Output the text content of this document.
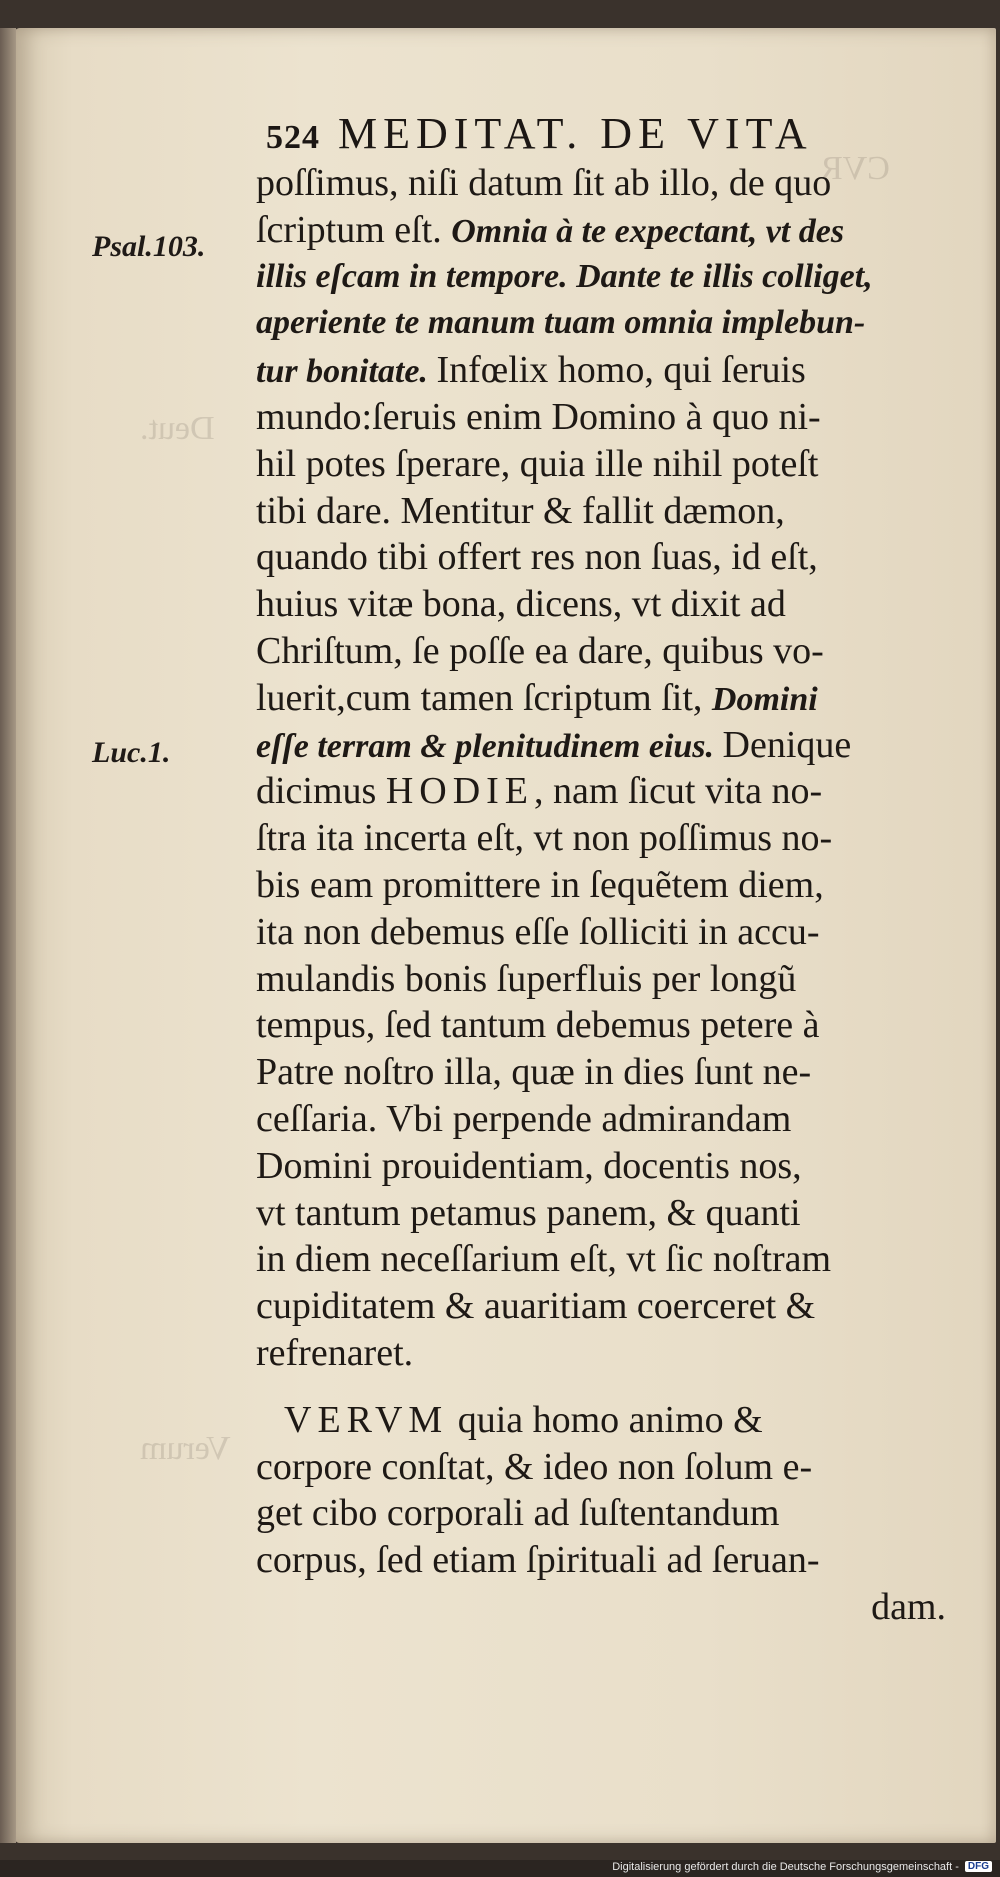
CVR
Deut.
Verum
524 MEDITAT. DE VITA
Psal.103.
Luc.1.
poſſimus, niſi datum ſit ab illo, de quo
ſcriptum eſt. Omnia à te expectant, vt des
illis eſcam in tempore. Dante te illis colliget,
aperiente te manum tuam omnia implebun-
tur bonitate. Infœlix homo, qui ſeruis
mundo:ſeruis enim Domino à quo ni-
hil potes ſperare, quia ille nihil poteſt
tibi dare. Mentitur & fallit dæmon,
quando tibi offert res non ſuas, id eſt,
huius vitæ bona, dicens, vt dixit ad
Chriſtum, ſe poſſe ea dare, quibus vo-
luerit,cum tamen ſcriptum ſit, Domini
eſſe terram & plenitudinem eius. Denique
dicimus HODIE, nam ſicut vita no-
ſtra ita incerta eſt, vt non poſſimus no-
bis eam promittere in ſequẽtem diem,
ita non debemus eſſe ſolliciti in accu-
mulandis bonis ſuperfluis per longũ
tempus, ſed tantum debemus petere à
Patre noſtro illa, quæ in dies ſunt ne-
ceſſaria. Vbi perpende admirandam
Domini prouidentiam, docentis nos,
vt tantum petamus panem, & quanti
in diem neceſſarium eſt, vt ſic noſtram
cupiditatem & auaritiam coerceret &
refrenaret.
VERVM quia homo animo &
corpore conſtat, & ideo non ſolum e-
get cibo corporali ad ſuſtentandum
corpus, ſed etiam ſpirituali ad ſeruan-
dam.
Digitalisierung gefördert durch die Deutsche Forschungsgemeinschaft - DFG
